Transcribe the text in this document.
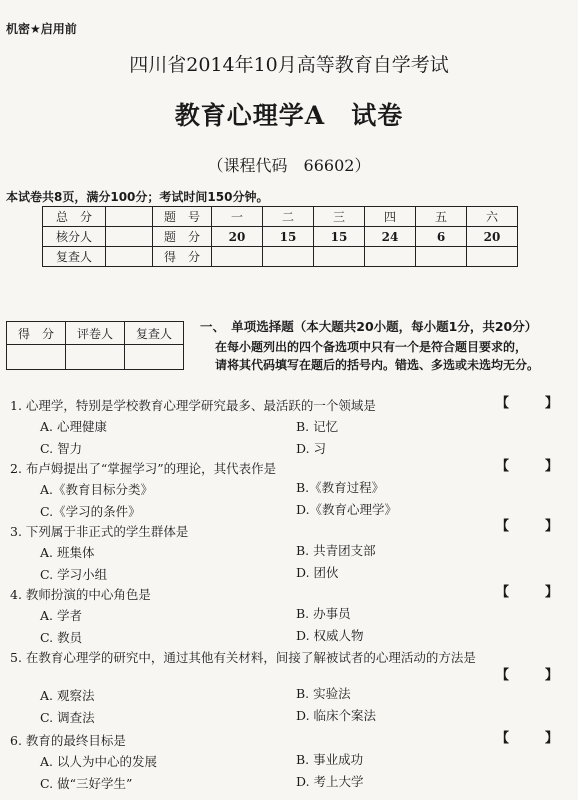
机密★启用前
四川省2014年10月高等教育自学考试
教育心理学A　试卷
（课程代码　66602）
本试卷共8页，满分100分；考试时间150分钟。
总　分		题　号	一	二	三	四	五	六
核分人		题　分	20	15	15	24	6	20
复查人		得　分						
得　分	评卷人	复查人
		一、　单项选择题（本大题共20小题，每小题1分，共20分）
在每小题列出的四个备选项中只有一个是符合题目要求的，
请将其代码填写在题后的括号内。错选、多选或未选均无分。
1. 心理学，特别是学校教育心理学研究最多、最活跃的一个领域是	【	】
A. 心理健康	B. 记忆
C. 智力	D. 习
2. 布卢姆提出了“掌握学习”的理论，其代表作是	【	】
A.《教育目标分类》	B.《教育过程》
C.《学习的条件》	D.《教育心理学》
【	】
3. 下列属于非正式的学生群体是
A. 班集体	B. 共青团支部
C. 学习小组	D. 团伙
4. 教师扮演的中心角色是	【	】
A. 学者	B. 办事员
C. 教员	D. 权威人物
5. 在教育心理学的研究中，通过其他有关材料，间接了解被试者的心理活动的方法是
【	】
A. 观察法	B. 实验法
C. 调查法	D. 临床个案法
6. 教育的最终目标是	【	】
A. 以人为中心的发展	B. 事业成功
C. 做“三好学生”	D. 考上大学
